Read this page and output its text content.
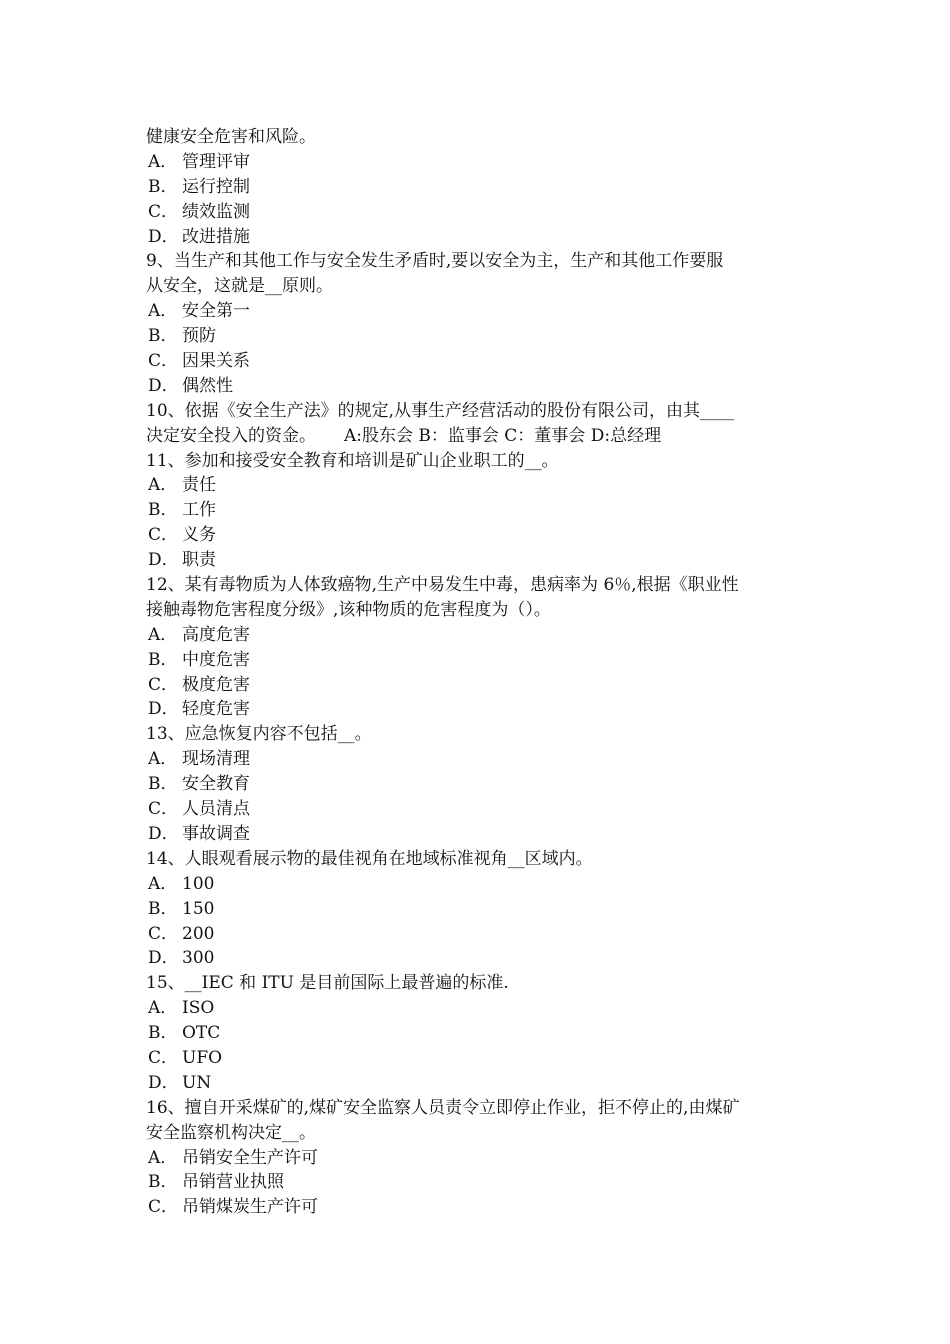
健康安全危害和风险。
A． 管理评审
B． 运行控制
C． 绩效监测
D． 改进措施
9、当生产和其他工作与安全发生矛盾时,要以安全为主，生产和其他工作要服
从安全，这就是__原则。
A． 安全第一
B． 预防
C． 因果关系
D． 偶然性
10、依据《安全生产法》的规定,从事生产经营活动的股份有限公司，由其____
决定安全投入的资金。 A:股东会 B：监事会 C：董事会 D:总经理
11、参加和接受安全教育和培训是矿山企业职工的__。
A． 责任
B． 工作
C． 义务
D． 职责
12、某有毒物质为人体致癌物,生产中易发生中毒，患病率为 6％,根据《职业性
接触毒物危害程度分级》,该种物质的危害程度为（）。
A． 高度危害
B． 中度危害
C． 极度危害
D． 轻度危害
13、应急恢复内容不包括__。
A． 现场清理
B． 安全教育
C． 人员清点
D． 事故调查
14、人眼观看展示物的最佳视角在地域标准视角__区域内。
A． 100
B． 150
C． 200
D． 300
15、__IEC 和 ITU 是目前国际上最普遍的标准.
A． ISO
B． OTC
C． UFO
D． UN
16、擅自开采煤矿的,煤矿安全监察人员责令立即停止作业，拒不停止的,由煤矿
安全监察机构决定__。
A． 吊销安全生产许可
B． 吊销营业执照
C． 吊销煤炭生产许可
